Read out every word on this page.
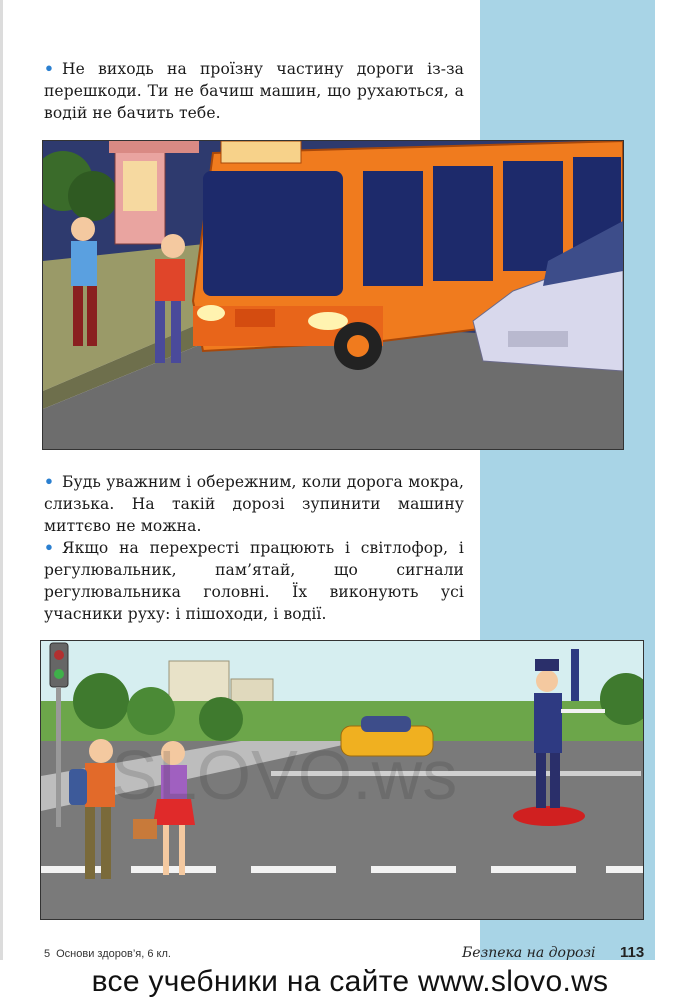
• Не виходь на проїзну частину дороги із-за перешкоди. Ти не бачиш машин, що рухаються, а водій не бачить тебе.
• Будь уважним і обережним, коли дорога мокра, слизька. На такій дорозі зупинити машину миттєво не можна.
• Якщо на перехресті працюють і світлофор, і регулювальник, пам’ятай, що сигнали регулювальника головні. Їх виконують усі учасники руху: і пішоходи, і водії.
SLOVO.ws
5 Основи здоров’я, 6 кл.	Безпека на дорозі 113
все учебники на сайте www.slovo.ws
